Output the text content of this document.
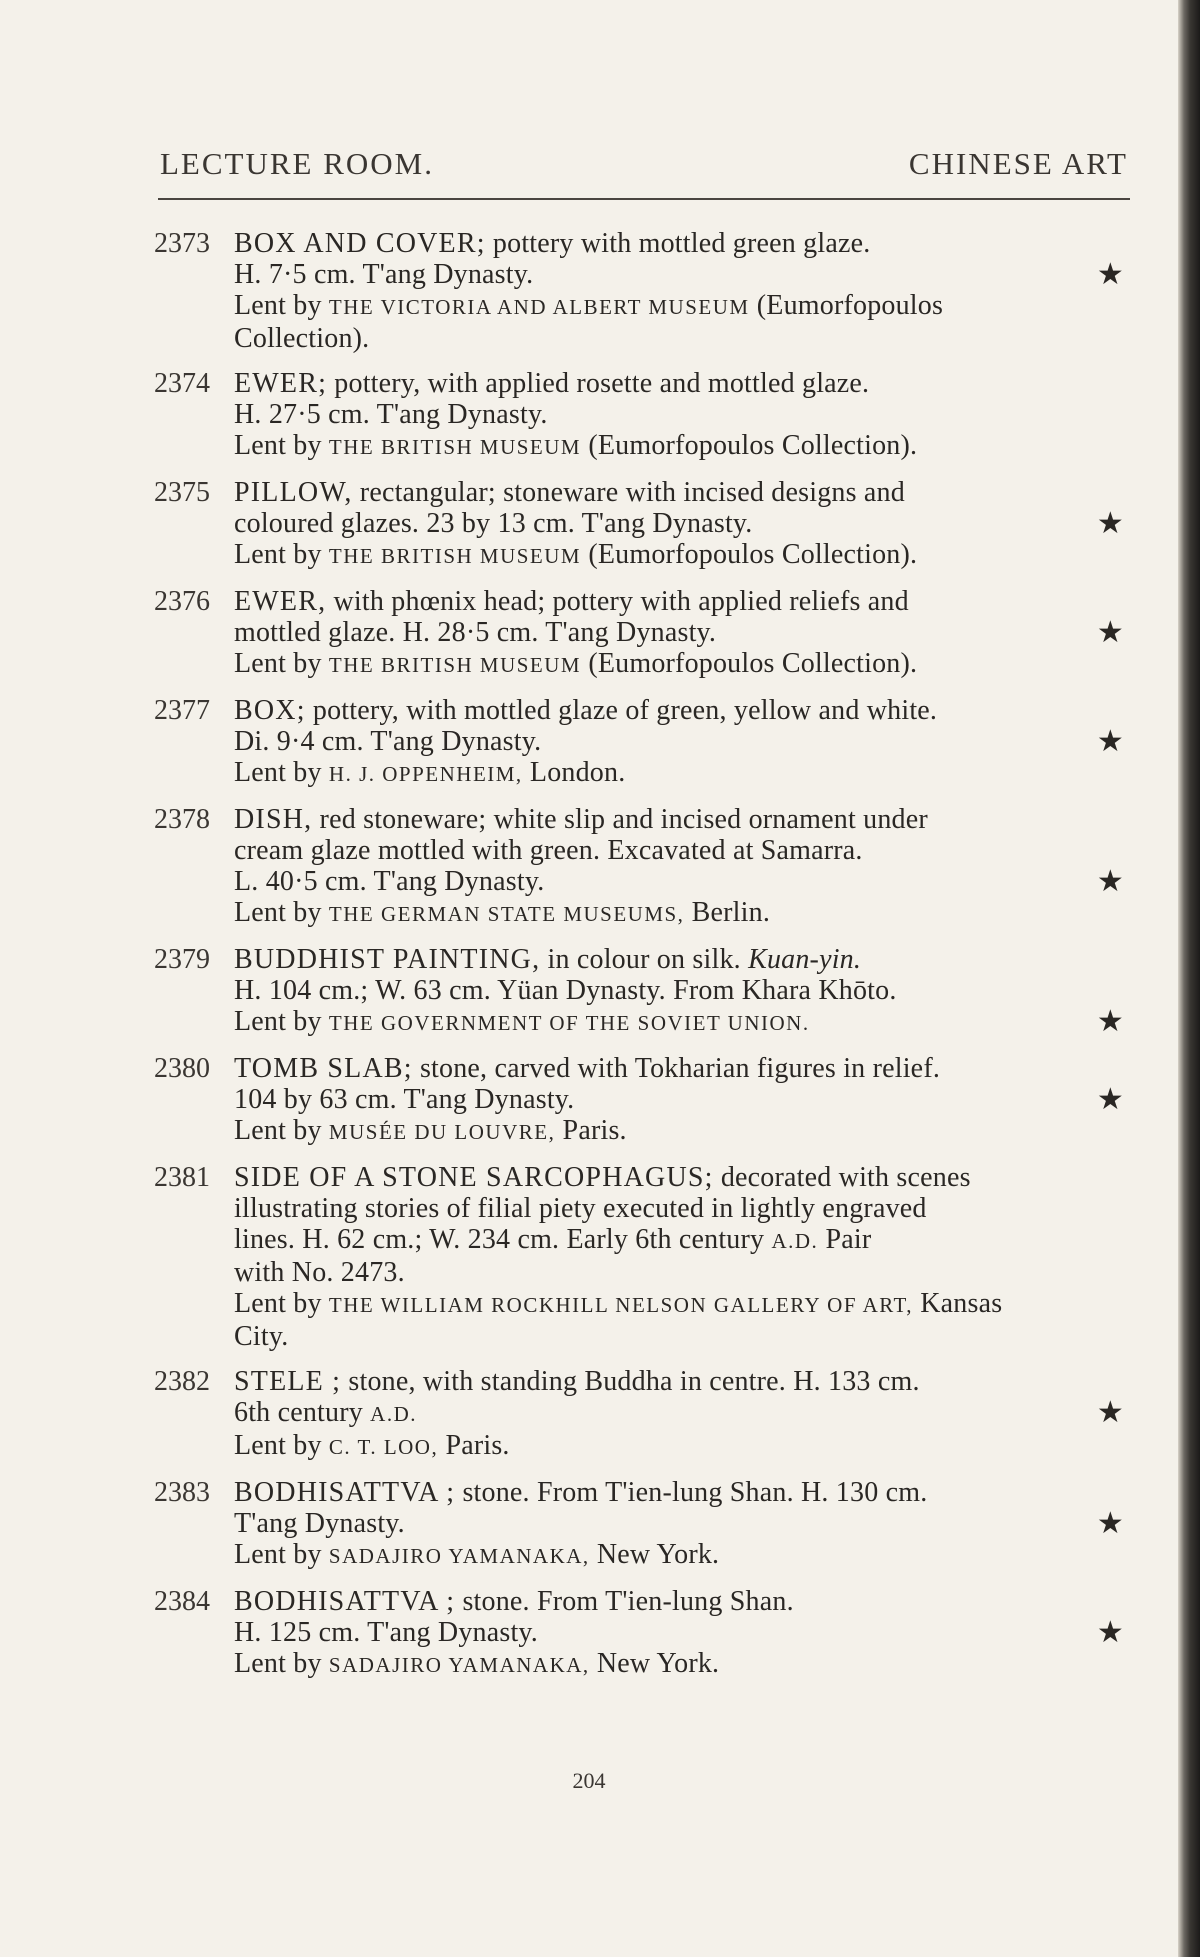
LECTURE ROOM.	CHINESE ART
2373 BOX AND COVER; pottery with mottled green glaze.
H. 7·5 cm. T'ang Dynasty.	★
Lent by THE VICTORIA AND ALBERT MUSEUM (Eumorfopoulos
Collection).
2374 EWER; pottery, with applied rosette and mottled glaze.
H. 27·5 cm. T'ang Dynasty.
Lent by THE BRITISH MUSEUM (Eumorfopoulos Collection).
2375 PILLOW, rectangular; stoneware with incised designs and
coloured glazes. 23 by 13 cm. T'ang Dynasty.	★
Lent by THE BRITISH MUSEUM (Eumorfopoulos Collection).
2376 EWER, with phœnix head; pottery with applied reliefs and
mottled glaze. H. 28·5 cm. T'ang Dynasty.	★
Lent by THE BRITISH MUSEUM (Eumorfopoulos Collection).
2377 BOX; pottery, with mottled glaze of green, yellow and white.
Di. 9·4 cm. T'ang Dynasty.	★
Lent by H. J. OPPENHEIM, London.
2378 DISH, red stoneware; white slip and incised ornament under
cream glaze mottled with green. Excavated at Samarra.
L. 40·5 cm. T'ang Dynasty.	★
Lent by THE GERMAN STATE MUSEUMS, Berlin.
2379 BUDDHIST PAINTING, in colour on silk. Kuan-yin.
H. 104 cm.; W. 63 cm. Yüan Dynasty. From Khara Khōto.
Lent by THE GOVERNMENT OF THE SOVIET UNION.	★
2380 TOMB SLAB; stone, carved with Tokharian figures in relief.
104 by 63 cm. T'ang Dynasty.	★
Lent by MUSÉE DU LOUVRE, Paris.
2381 SIDE OF A STONE SARCOPHAGUS; decorated with scenes
illustrating stories of filial piety executed in lightly engraved
lines. H. 62 cm.; W. 234 cm. Early 6th century A.D. Pair
with No. 2473.
Lent by THE WILLIAM ROCKHILL NELSON GALLERY OF ART, Kansas
City.
2382 STELE ; stone, with standing Buddha in centre. H. 133 cm.
6th century A.D.	★
Lent by C. T. LOO, Paris.
2383 BODHISATTVA ; stone. From T'ien-lung Shan. H. 130 cm.
T'ang Dynasty.	★
Lent by SADAJIRO YAMANAKA, New York.
2384 BODHISATTVA ; stone. From T'ien-lung Shan.
H. 125 cm. T'ang Dynasty.	★
Lent by SADAJIRO YAMANAKA, New York.
204
